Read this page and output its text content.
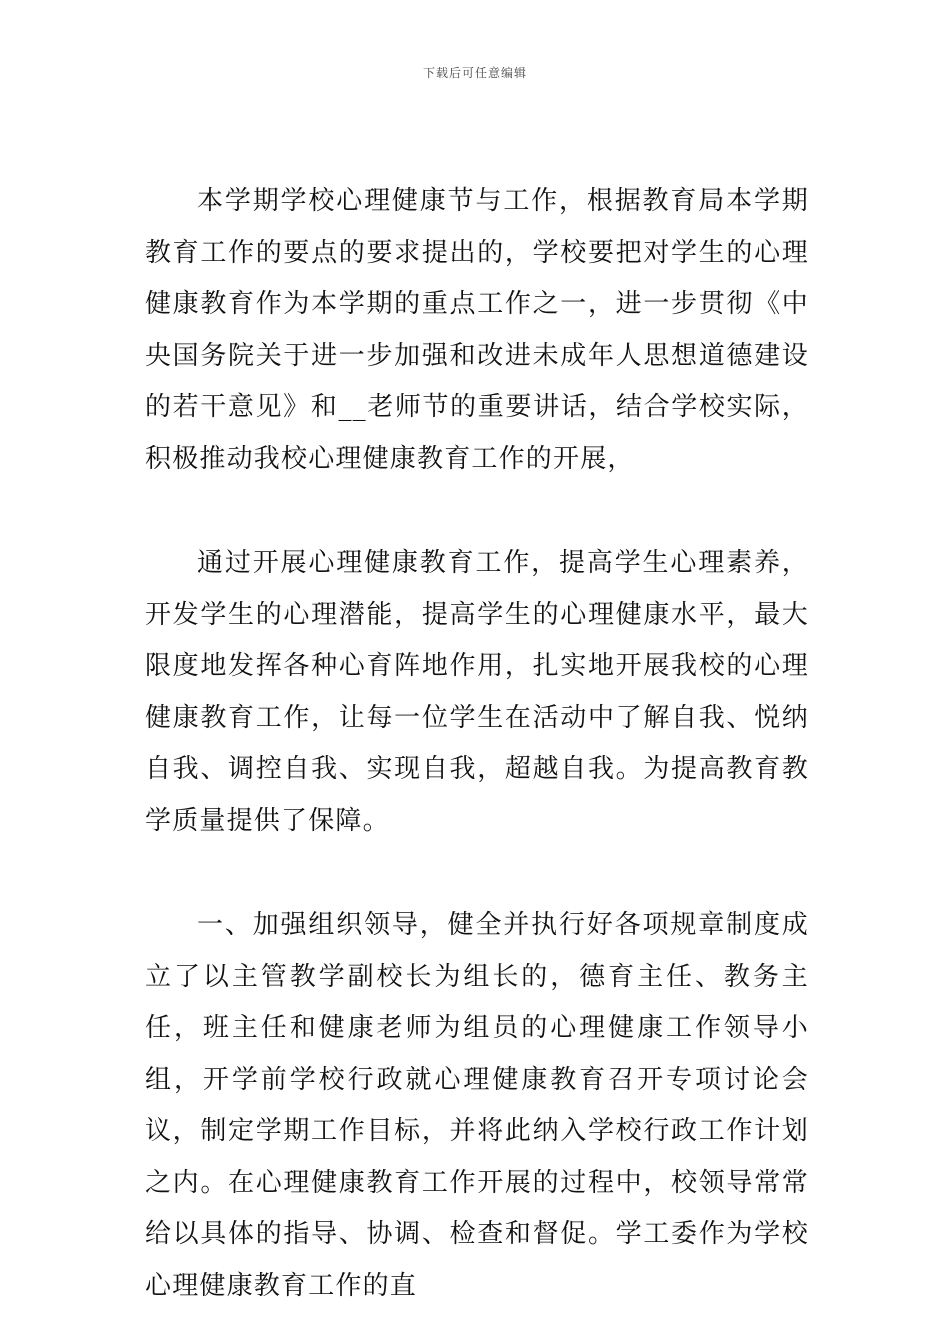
下载后可任意编辑

本学期学校心理健康节与工作，根据教育局本学期教育工作的要点的要求提出的，学校要把对学生的心理健康教育作为本学期的重点工作之一，进一步贯彻《中央国务院关于进一步加强和改进未成年人思想道德建设的若干意见》和__老师节的重要讲话，结合学校实际，积极推动我校心理健康教育工作的开展，

通过开展心理健康教育工作，提高学生心理素养，开发学生的心理潜能，提高学生的心理健康水平，最大限度地发挥各种心育阵地作用，扎实地开展我校的心理健康教育工作，让每一位学生在活动中了解自我、悦纳自我、调控自我、实现自我，超越自我。为提高教育教学质量提供了保障。

一、加强组织领导，健全并执行好各项规章制度成立了以主管教学副校长为组长的，德育主任、教务主任，班主任和健康老师为组员的心理健康工作领导小组，开学前学校行政就心理健康教育召开专项讨论会议，制定学期工作目标，并将此纳入学校行政工作计划之内。在心理健康教育工作开展的过程中，校领导常常给以具体的指导、协调、检查和督促。学工委作为学校心理健康教育工作的直
